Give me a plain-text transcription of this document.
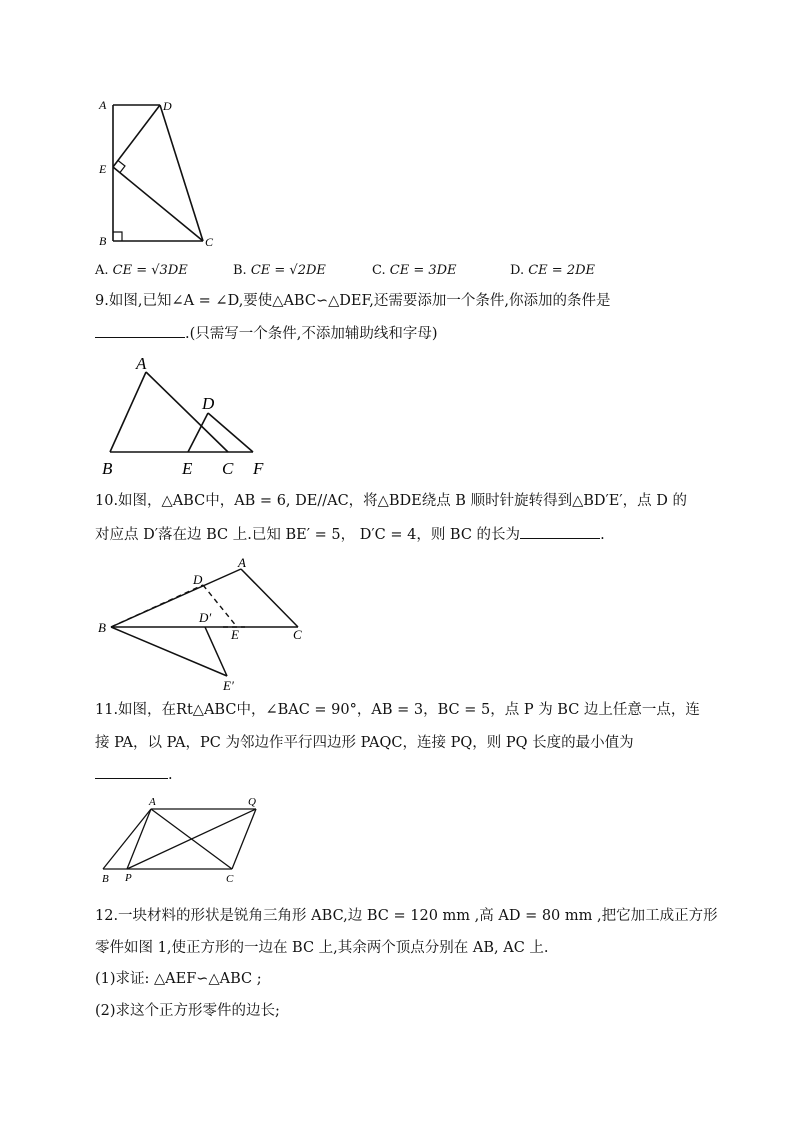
A	D
E
B	C
A. CE = √3DE	B. CE = √2DE	C. CE = 3DE	D. CE = 2DE
9.如图,已知∠A = ∠D,要使△ABC∽△DEF,还需要添加一个条件,你添加的条件是
.(只需写一个条件,不添加辅助线和字母)
A
D
B	E C F
10.如图，△ABC中，AB = 6, DE//AC，将△BDE绕点 B 顺时针旋转得到△BD′E′，点 D 的
对应点 D′落在边 BC 上.已知 BE′ = 5， D′C = 4，则 BC 的长为	.
A
D
B
D′
E	C
E′
11.如图，在Rt△ABC中，∠BAC = 90°，AB = 3，BC = 5，点 P 为 BC 边上任意一点，连
接 PA，以 PA，PC 为邻边作平行四边形 PAQC，连接 PQ，则 PQ 长度的最小值为
.
A	Q
B P	C
12.一块材料的形状是锐角三角形 ABC,边 BC = 120 mm ,高 AD = 80 mm ,把它加工成正方形
零件如图 1,使正方形的一边在 BC 上,其余两个顶点分别在 AB, AC 上.
(1)求证: △AEF∽△ABC ;
(2)求这个正方形零件的边长;
